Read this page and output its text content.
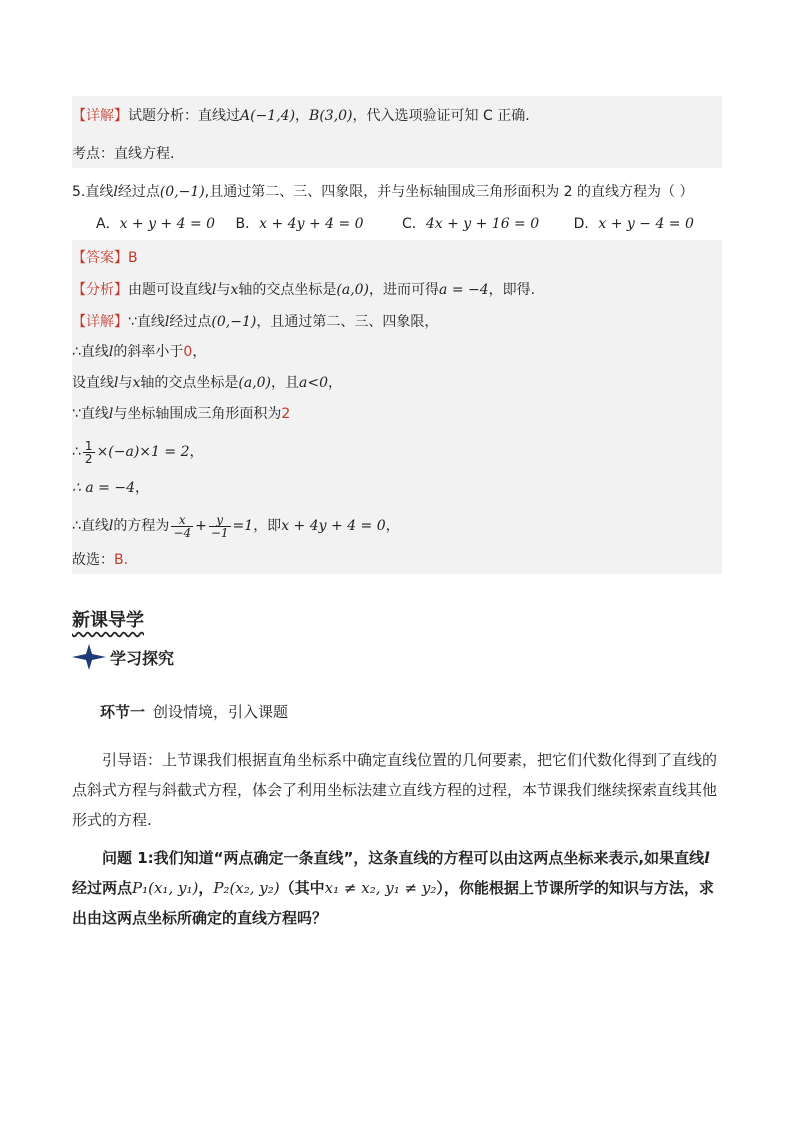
【详解】试题分析：直线过A(−1,4)，B(3,0)，代入选项验证可知 C 正确.
考点：直线方程.
5.直线l经过点(0,−1),且通过第二、三、四象限，并与坐标轴围成三角形面积为 2 的直线方程为（ ）
A．x + y + 4 = 0 B．x + 4y + 4 = 0	C．4x + y + 16 = 0 D．x + y − 4 = 0
【答案】B
【分析】由题可设直线l与x轴的交点坐标是(a,0)，进而可得a = −4，即得.
【详解】∵直线l经过点(0,−1)，且通过第二、三、四象限，
∴直线l的斜率小于0，
设直线l与x轴的交点坐标是(a,0)，且a<0，
∵直线l与坐标轴围成三角形面积为2
∴ $\frac{1}{2} \times(-a)\times 1 = 2$，
∴ a = −4，
∴直线l的方程为 $\frac{x}{-4} + \frac{y}{-1} =1$，即x + 4y + 4 = 0，
故选：B.
新课导学
学习探究
环节一 创设情境，引入课题
引导语：上节课我们根据直角坐标系中确定直线位置的几何要素，把它们代数化得到了直线的点斜式方程与斜截式方程，体会了利用坐标法建立直线方程的过程，本节课我们继续探索直线其他形式的方程.
问题 1:我们知道“两点确定一条直线”，这条直线的方程可以由这两点坐标来表示,如果直线l经过两点P₁(x₁, y₁)，P₂(x₂, y₂)（其中x₁ ≠ x₂, y₁ ≠ y₂），你能根据上节课所学的知识与方法，求出由这两点坐标所确定的直线方程吗？
